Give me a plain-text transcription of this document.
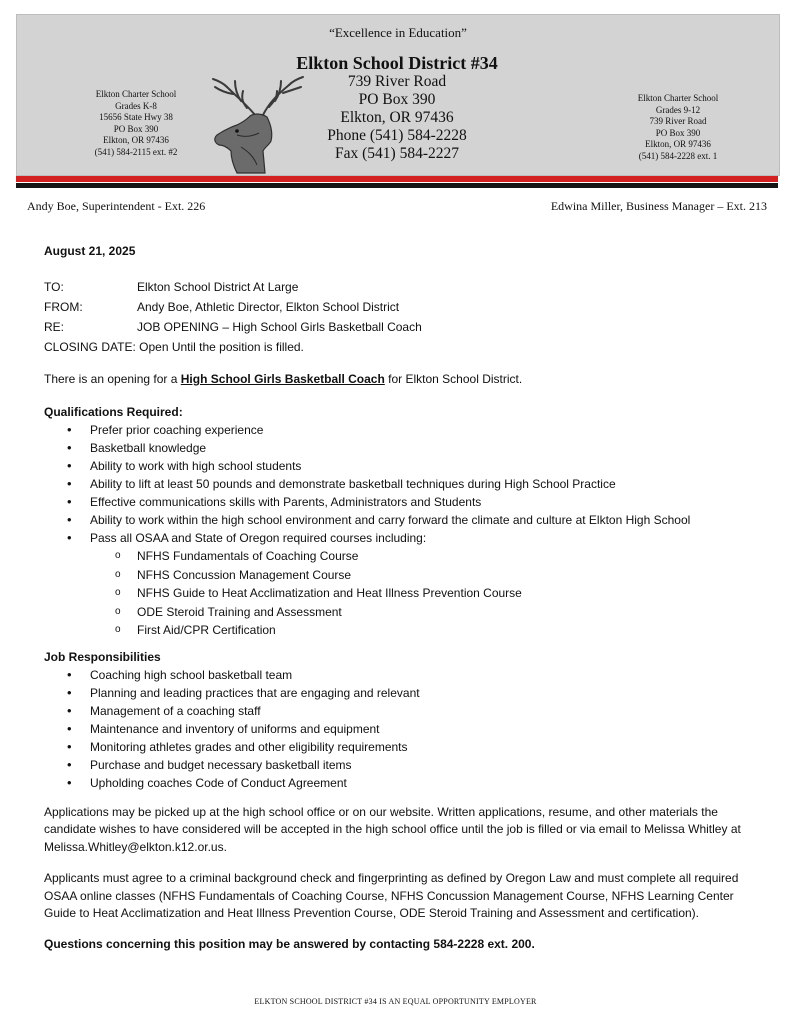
“Excellence in Education”
Elkton School District #34
739 River Road
PO Box 390
Elkton, OR 97436
Phone (541) 584-2228
Fax (541) 584-2227
Elkton Charter School
Grades K-8
15656 State Hwy 38
PO Box 390
Elkton, OR 97436
(541) 584-2115 ext. #2
Elkton Charter School
Grades 9-12
739 River Road
PO Box 390
Elkton, OR 97436
(541) 584-2228 ext. 1
Andy Boe, Superintendent - Ext. 226	Edwina Miller, Business Manager – Ext. 213
August 21, 2025
TO:	Elkton School District At Large
FROM:	Andy Boe, Athletic Director, Elkton School District
RE:	JOB OPENING – High School Girls Basketball Coach
CLOSING DATE:
Open Until the position is filled.
There is an opening for a High School Girls Basketball Coach for Elkton School District.
Qualifications Required:
• Prefer prior coaching experience
• Basketball knowledge
• Ability to work with high school students
• Ability to lift at least 50 pounds and demonstrate basketball techniques during High School Practice
• Effective communications skills with Parents, Administrators and Students
• Ability to work within the high school environment and carry forward the climate and culture at Elkton High School
• Pass all OSAA and State of Oregon required courses including:
o NFHS Fundamentals of Coaching Course
o NFHS Concussion Management Course
o NFHS Guide to Heat Acclimatization and Heat Illness Prevention Course
o ODE Steroid Training and Assessment
o First Aid/CPR Certification
Job Responsibilities
• Coaching high school basketball team
• Planning and leading practices that are engaging and relevant
• Management of a coaching staff
• Maintenance and inventory of uniforms and equipment
• Monitoring athletes grades and other eligibility requirements
• Purchase and budget necessary basketball items
• Upholding coaches Code of Conduct Agreement
Applications may be picked up at the high school office or on our website. Written applications, resume, and other materials the candidate wishes to have considered will be accepted in the high school office until the job is filled or via email to Melissa Whitley at Melissa.Whitley@elkton.k12.or.us.
Applicants must agree to a criminal background check and fingerprinting as defined by Oregon Law and must complete all required OSAA online classes (NFHS Fundamentals of Coaching Course, NFHS Concussion Management Course, NFHS Learning Center Guide to Heat Acclimatization and Heat Illness Prevention Course, ODE Steroid Training and Assessment and certification).
Questions concerning this position may be answered by contacting 584-2228 ext. 200.
ELKTON SCHOOL DISTRICT #34 IS AN EQUAL OPPORTUNITY EMPLOYER
